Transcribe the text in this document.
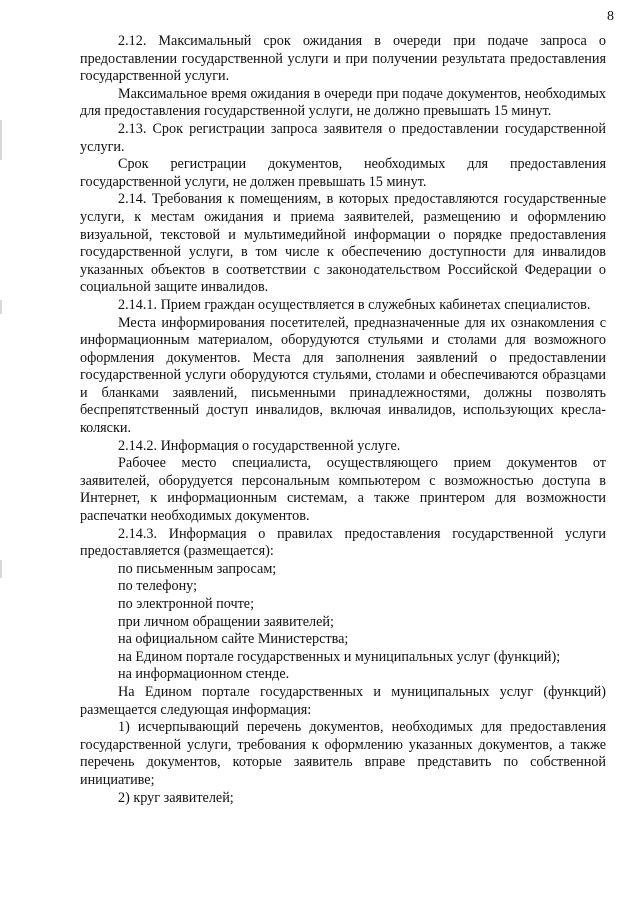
8

2.12. Максимальный срок ожидания в очереди при подаче запроса о предоставлении государственной услуги и при получении результата предоставления государственной услуги.

Максимальное время ожидания в очереди при подаче документов, необходимых для предоставления государственной услуги, не должно превышать 15 минут.

2.13. Срок регистрации запроса заявителя о предоставлении государственной услуги.

Срок регистрации документов, необходимых для предоставления государственной услуги, не должен превышать 15 минут.

2.14. Требования к помещениям, в которых предоставляются государственные услуги, к местам ожидания и приема заявителей, размещению и оформлению визуальной, текстовой и мультимедийной информации о порядке предоставления государственной услуги, в том числе к обеспечению доступности для инвалидов указанных объектов в соответствии с законодательством Российской Федерации о социальной защите инвалидов.

2.14.1. Прием граждан осуществляется в служебных кабинетах специалистов.

Места информирования посетителей, предназначенные для их ознакомления с информационным материалом, оборудуются стульями и столами для возможного оформления документов. Места для заполнения заявлений о предоставлении государственной услуги оборудуются стульями, столами и обеспечиваются образцами и бланками заявлений, письменными принадлежностями, должны позволять беспрепятственный доступ инвалидов, включая инвалидов, использующих кресла-коляски.

2.14.2. Информация о государственной услуге.

Рабочее место специалиста, осуществляющего прием документов от заявителей, оборудуется персональным компьютером с возможностью доступа в Интернет, к информационным системам, а также принтером для возможности распечатки необходимых документов.

2.14.3. Информация о правилах предоставления государственной услуги предоставляется (размещается):

по письменным запросам;

по телефону;

по электронной почте;

при личном обращении заявителей;

на официальном сайте Министерства;

на Едином портале государственных и муниципальных услуг (функций);

на информационном стенде.

На Едином портале государственных и муниципальных услуг (функций) размещается следующая информация:

1) исчерпывающий перечень документов, необходимых для предоставления государственной услуги, требования к оформлению указанных документов, а также перечень документов, которые заявитель вправе представить по собственной инициативе;

2) круг заявителей;
